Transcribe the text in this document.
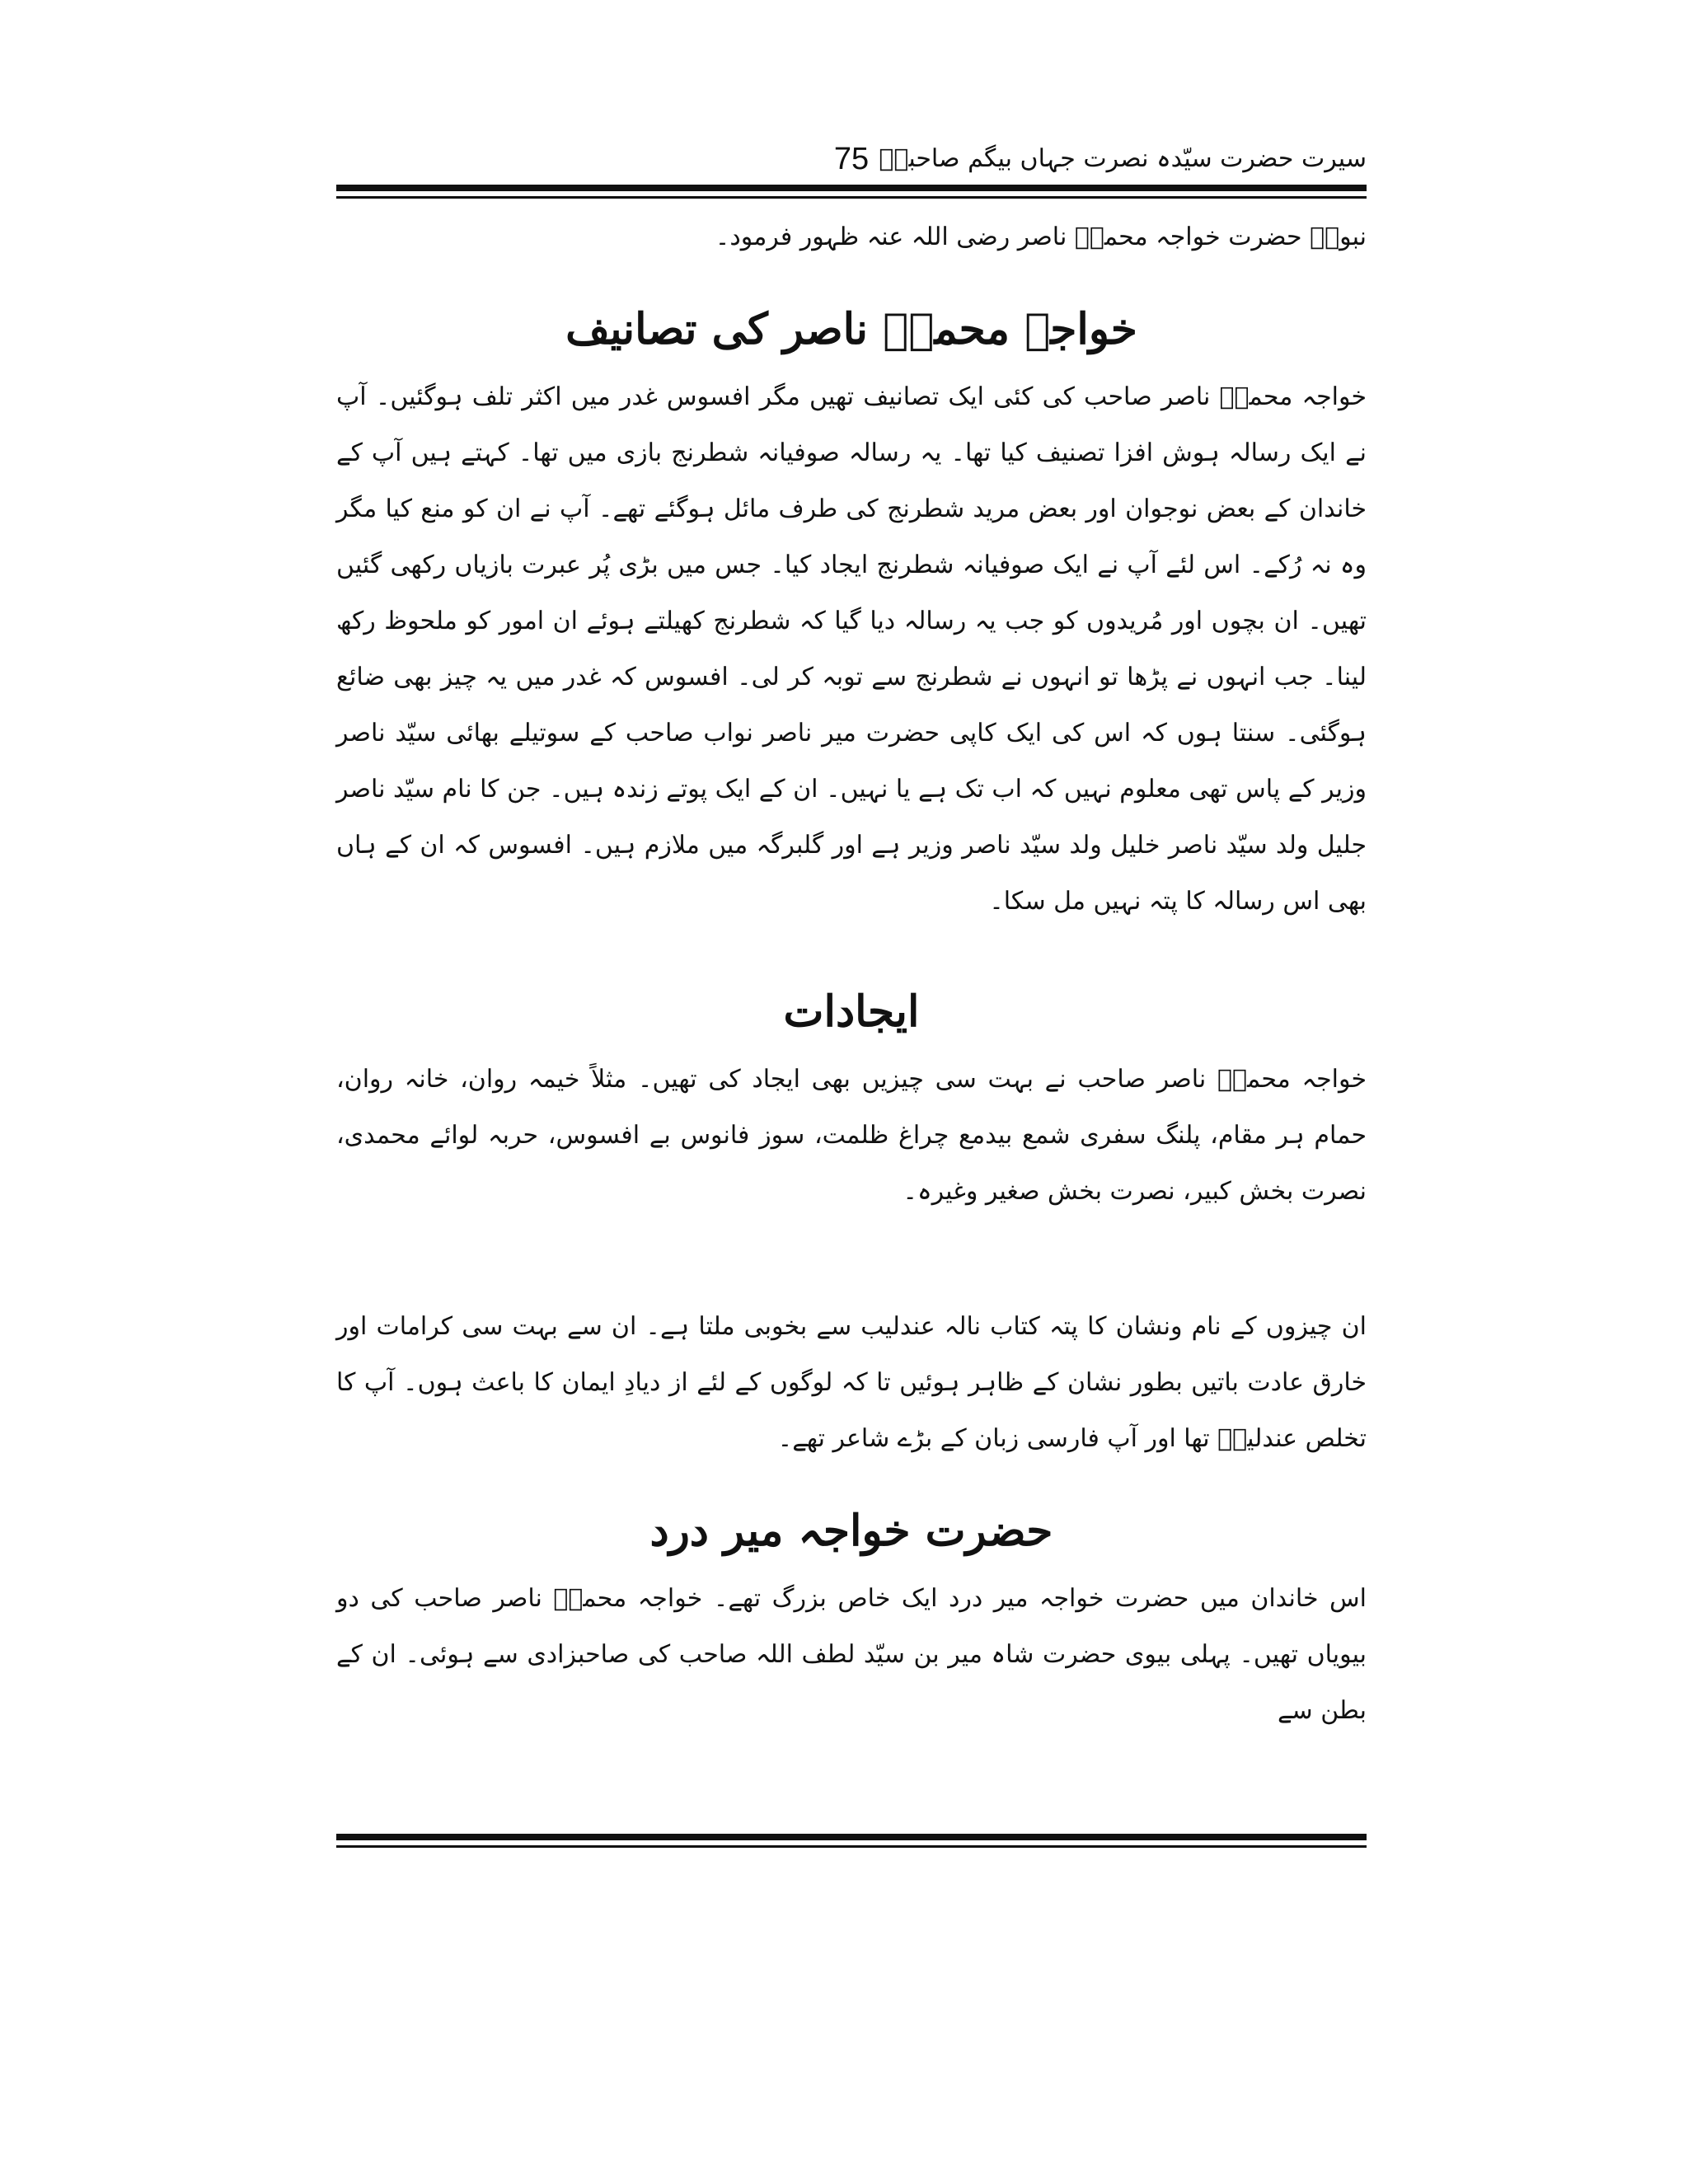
سیرت حضرت سیّدہ نصرت جہاں بیگم صاحبہؓ
75
نبویؐ حضرت خواجہ محمدؒ ناصر رضی اللہ عنہ ظہور فرمود۔
خواجہ محمدؒ ناصر کی تصانیف
خواجہ محمدؒ ناصر صاحب کی کئی ایک تصانیف تھیں مگر افسوس غدر میں اکثر تلف ہوگئیں۔ آپ نے ایک رسالہ ہوش افزا تصنیف کیا تھا۔ یہ رسالہ صوفیانہ شطرنج بازی میں تھا۔ کہتے ہیں آپ کے خاندان کے بعض نوجوان اور بعض مرید شطرنج کی طرف مائل ہوگئے تھے۔ آپ نے ان کو منع کیا مگر وہ نہ رُکے۔ اس لئے آپ نے ایک صوفیانہ شطرنج ایجاد کیا۔ جس میں بڑی پُر عبرت بازیاں رکھی گئیں تھیں۔ ان بچوں اور مُریدوں کو جب یہ رسالہ دیا گیا کہ شطرنج کھیلتے ہوئے ان امور کو ملحوظ رکھ لینا۔ جب انہوں نے پڑھا تو انہوں نے شطرنج سے توبہ کر لی۔ افسوس کہ غدر میں یہ چیز بھی ضائع ہوگئی۔ سنتا ہوں کہ اس کی ایک کاپی حضرت میر ناصر نواب صاحب کے سوتیلے بھائی سیّد ناصر وزیر کے پاس تھی معلوم نہیں کہ اب تک ہے یا نہیں۔ ان کے ایک پوتے زندہ ہیں۔ جن کا نام سیّد ناصر جلیل ولد سیّد ناصر خلیل ولد سیّد ناصر وزیر ہے اور گلبرگہ میں ملازم ہیں۔ افسوس کہ ان کے ہاں بھی اس رسالہ کا پتہ نہیں مل سکا۔
ایجادات
خواجہ محمدؒ ناصر صاحب نے بہت سی چیزیں بھی ایجاد کی تھیں۔ مثلاً خیمہ روان، خانہ روان، حمام ہر مقام، پلنگ سفری شمع بیدمع چراغ ظلمت، سوز فانوس بے افسوس، حربہ لوائے محمدی، نصرت بخش کبیر، نصرت بخش صغیر وغیرہ۔
ان چیزوں کے نام ونشان کا پتہ کتاب نالہ عندلیب سے بخوبی ملتا ہے۔ ان سے بہت سی کرامات اور خارق عادت باتیں بطور نشان کے ظاہر ہوئیں تا کہ لوگوں کے لئے از دیادِ ایمان کا باعث ہوں۔ آپ کا تخلص عندلیبؔ تھا اور آپ فارسی زبان کے بڑے شاعر تھے۔
حضرت خواجہ میر درد
اس خاندان میں حضرت خواجہ میر درد ایک خاص بزرگ تھے۔ خواجہ محمدؒ ناصر صاحب کی دو بیویاں تھیں۔ پہلی بیوی حضرت شاہ میر بن سیّد لطف اللہ صاحب کی صاحبزادی سے ہوئی۔ ان کے بطن سے
